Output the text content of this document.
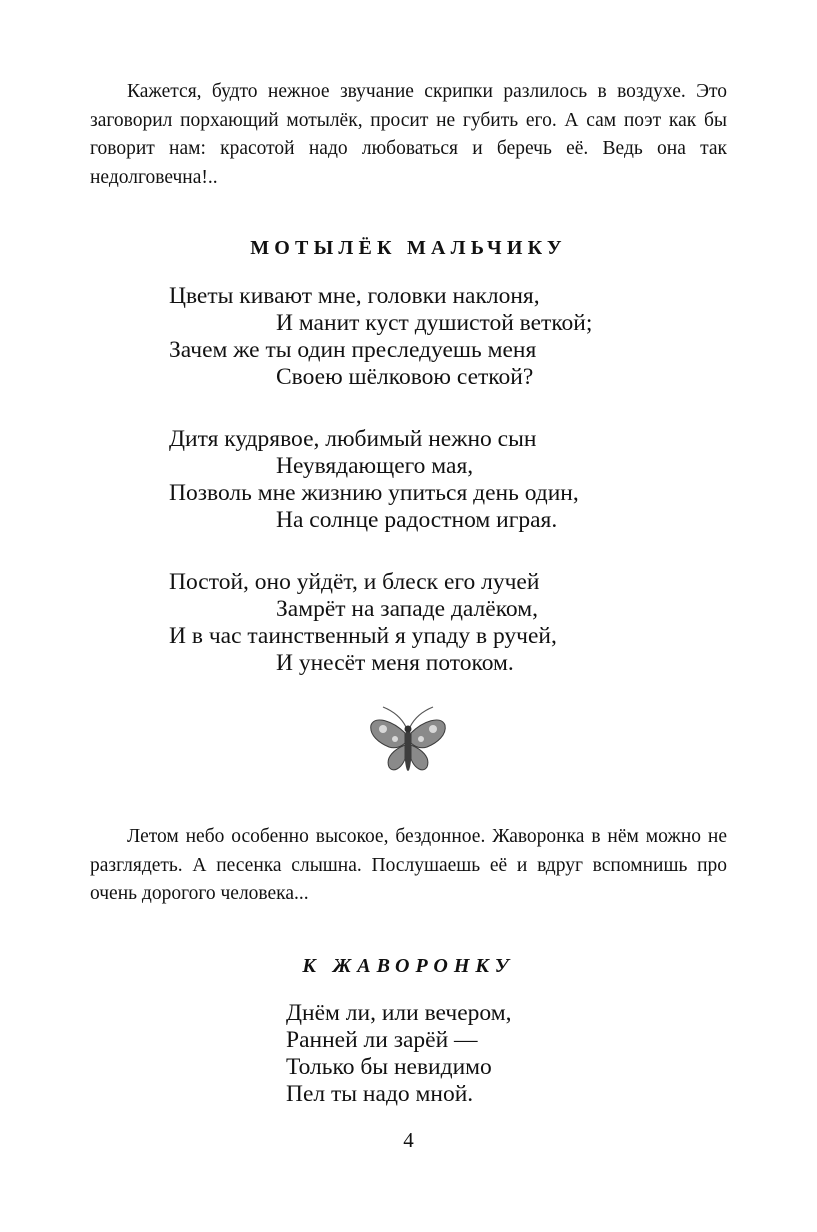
Кажется, будто нежное звучание скрипки разлилось в воздухе. Это заговорил порхающий мотылёк, просит не губить его. А сам поэт как бы говорит нам: красотой надо любоваться и беречь её. Ведь она так недолговечна!..

МОТЫЛЁК МАЛЬЧИКУ
Цветы кивают мне, головки наклоня,
И манит куст душистой веткой;
Зачем же ты один преследуешь меня
Своею шёлковою сеткой?
Дитя кудрявое, любимый нежно сын
Неувядающего мая,
Позволь мне жизнию упиться день один,
На солнце радостном играя.
Постой, оно уйдёт, и блеск его лучей
Замрёт на западе далёком,
И в час таинственный я упаду в ручей,
И унесёт меня потоком.

Летом небо особенно высокое, бездонное. Жаворонка в нём можно не разглядеть. А песенка слышна. Послушаешь её и вдруг вспомнишь про очень дорогого человека...

К ЖАВОРОНКУ
Днём ли, или вечером,
Ранней ли зарёй —
Только бы невидимо
Пел ты надо мной.
4
